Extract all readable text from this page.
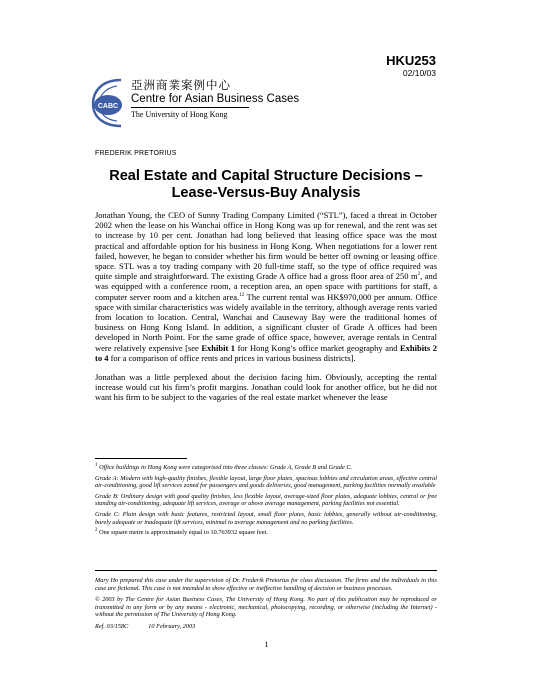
HKU253
02/10/03
CABC
亞洲商業案例中心
Centre for Asian Business Cases
The University of Hong Kong
FREDERIK PRETORIUS
Real Estate and Capital Structure Decisions –
Lease-Versus-Buy Analysis

Jonathan Young, the CEO of Sunny Trading Company Limited (“STL”), faced a threat in October 2002 when the lease on his Wanchai office in Hong Kong was up for renewal, and the rent was set to increase by 10 per cent. Jonathan had long believed that leasing office space was the most practical and affordable option for his business in Hong Kong. When negotiations for a lower rent failed, however, he began to consider whether his firm would be better off owning or leasing office space. STL was a toy trading company with 20 full-time staff, so the type of office required was quite simple and straightforward. The existing Grade A office had a gross floor area of 250 $m^2$, and was equipped with a conference room, a reception area, an open space with partitions for staff, a computer server room and a kitchen area.$^{12}$ The current rental was HK$970,000 per annum. Office space with similar characteristics was widely available in the territory, although average rents varied from location to location. Central, Wanchai and Causeway Bay were the traditional homes of business on Hong Kong Island. In addition, a significant cluster of Grade A offices had been developed in North Point. For the same grade of office space, however, average rentals in Central were relatively expensive [see Exhibit 1 for Hong Kong’s office market geography and Exhibits 2 to 4 for a comparison of office rents and prices in various business districts].

Jonathan was a little perplexed about the decision facing him. Obviously, accepting the rental increase would cut his firm’s profit margins. Jonathan could look for another office, but he did not want his firm to be subject to the vagaries of the real estate market whenever the lease

$^1$ Office buildings in Hong Kong were categorised into three classes: Grade A, Grade B and Grade C.

Grade A: Modern with high-quality finishes, flexible layout, large floor plates, spacious lobbies and circulation areas, effective central air-conditioning, good lift services zoned for passengers and goods deliveries, good management, parking facilities normally available

Grade B: Ordinary design with good quality finishes, less flexible layout, average-sized floor plates, adequate lobbies, central or free standing air-conditioning, adequate lift services, average or above average management, parking facilities not essential.

Grade C: Plain design with basic features, restricted layout, small floor plates, basic lobbies, generally without air-conditioning, barely adequate or inadequate lift services, minimal to average management and no parking facilities.

$^2$ One square metre is approximately equal to 10.763932 square feet.

Mary Ho prepared this case under the supervision of Dr. Frederik Pretorius for class discussion. The firms and the individuals in this case are fictional. This case is not intended to show effective or ineffective handling of decision or business processes.

© 2003 by The Centre for Asian Business Cases, The University of Hong Kong. No part of this publication may be reproduced or transmitted in any form or by any means - electronic, mechanical, photocopying, recording, or otherwise (including the Internet) - without the permission of The University of Hong Kong.

Ref. 03/158C	10 February, 2003

1
